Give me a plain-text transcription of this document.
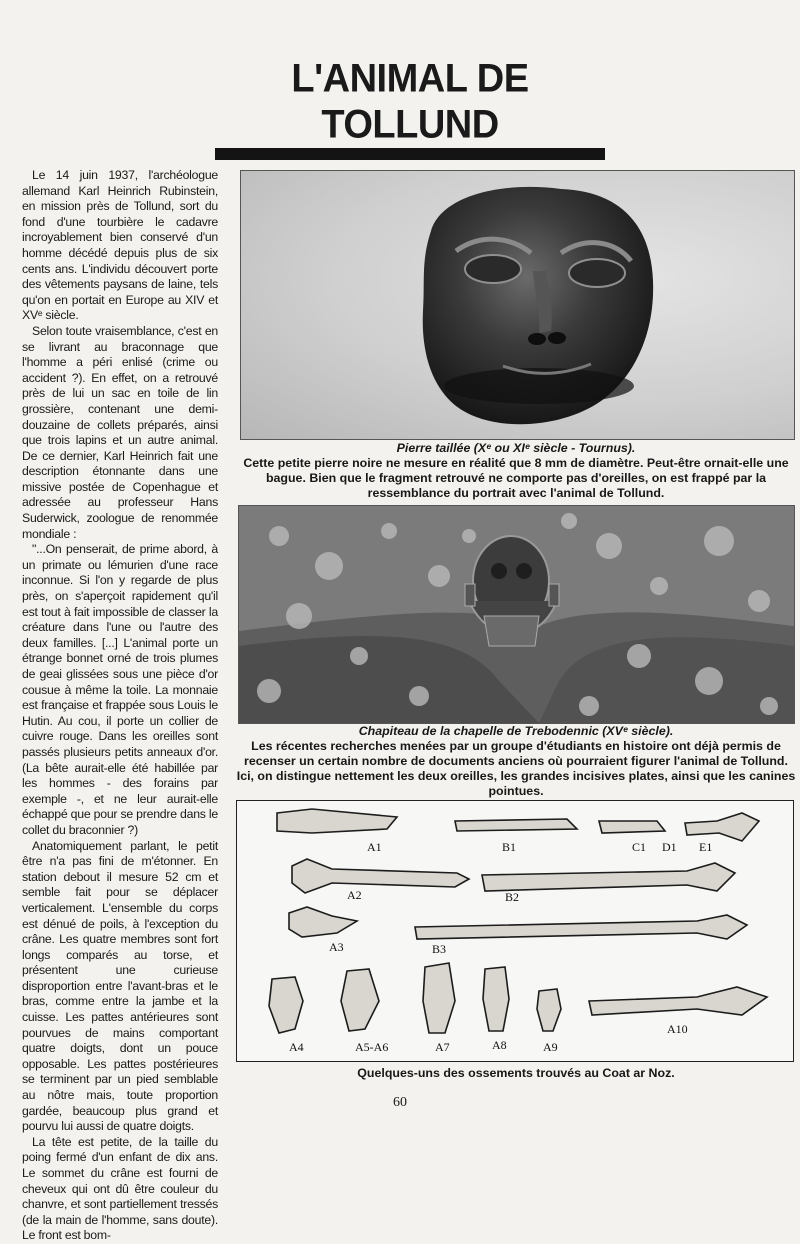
L'ANIMAL DE TOLLUND

Le 14 juin 1937, l'archéologue allemand Karl Heinrich Rubinstein, en mission près de Tollund, sort du fond d'une tourbière le cadavre incroyablement bien conservé d'un homme décédé depuis plus de six cents ans. L'individu découvert porte des vêtements paysans de laine, tels qu'on en portait en Europe au XIV et XVᵉ siècle.

Selon toute vraisemblance, c'est en se livrant au braconnage que l'homme a péri enlisé (crime ou accident ?). En effet, on a retrouvé près de lui un sac en toile de lin grossière, contenant une demi-douzaine de collets préparés, ainsi que trois lapins et un autre animal. De ce dernier, Karl Heinrich fait une description étonnante dans une missive postée de Copenhague et adressée au professeur Hans Suderwick, zoologue de renommée mondiale :

"...On penserait, de prime abord, à un primate ou lémurien d'une race inconnue. Si l'on y regarde de plus près, on s'aperçoit rapidement qu'il est tout à fait impossible de classer la créature dans l'une ou l'autre des deux familles. [...] L'animal porte un étrange bonnet orné de trois plumes de geai glissées sous une pièce d'or cousue à même la toile. La monnaie est française et frappée sous Louis le Hutin. Au cou, il porte un collier de cuivre rouge. Dans les oreilles sont passés plusieurs petits anneaux d'or. (La bête aurait-elle été habillée par les hommes - des forains par exemple -, et ne leur aurait-elle échappé que pour se prendre dans le collet du braconnier ?)

Anatomiquement parlant, le petit être n'a pas fini de m'étonner. En station debout il mesure 52 cm et semble fait pour se déplacer verticalement. L'ensemble du corps est dénué de poils, à l'exception du crâne. Les quatre membres sont fort longs comparés au torse, et présentent une curieuse disproportion entre l'avant-bras et le bras, comme entre la jambe et la cuisse. Les pattes antérieures sont pourvues de mains comportant quatre doigts, dont un pouce opposable. Les pattes postérieures se terminent par un pied semblable au nôtre mais, toute proportion gardée, beaucoup plus grand et pourvu lui aussi de quatre doigts.

La tête est petite, de la taille du poing fermé d'un enfant de dix ans. Le sommet du crâne est fourni de cheveux qui ont dû être couleur du chanvre, et sont partiellement tressés (de la main de l'homme, sans doute). Le front est bom-

Pierre taillée (Xᵉ ou XIᵉ siècle - Tournus).
Cette petite pierre noire ne mesure en réalité que 8 mm de diamètre. Peut-être ornait-elle une bague. Bien que le fragment retrouvé ne comporte pas d'oreilles, on est frappé par la ressemblance du portrait avec l'animal de Tollund.
Chapiteau de la chapelle de Trebodennic (XVᵉ siècle).
Les récentes recherches menées par un groupe d'étudiants en histoire ont déjà permis de recenser un certain nombre de documents anciens où pourraient figurer l'animal de Tollund. Ici, on distingue nettement les deux oreilles, les grandes incisives plates, ainsi que les canines pointues.
A1	B1	C1 D1 E1
A2	B2
A3	B3
A4	A5-A6	A7	A8	A9
A10
Quelques-uns des ossements trouvés au Coat ar Noz.
60
